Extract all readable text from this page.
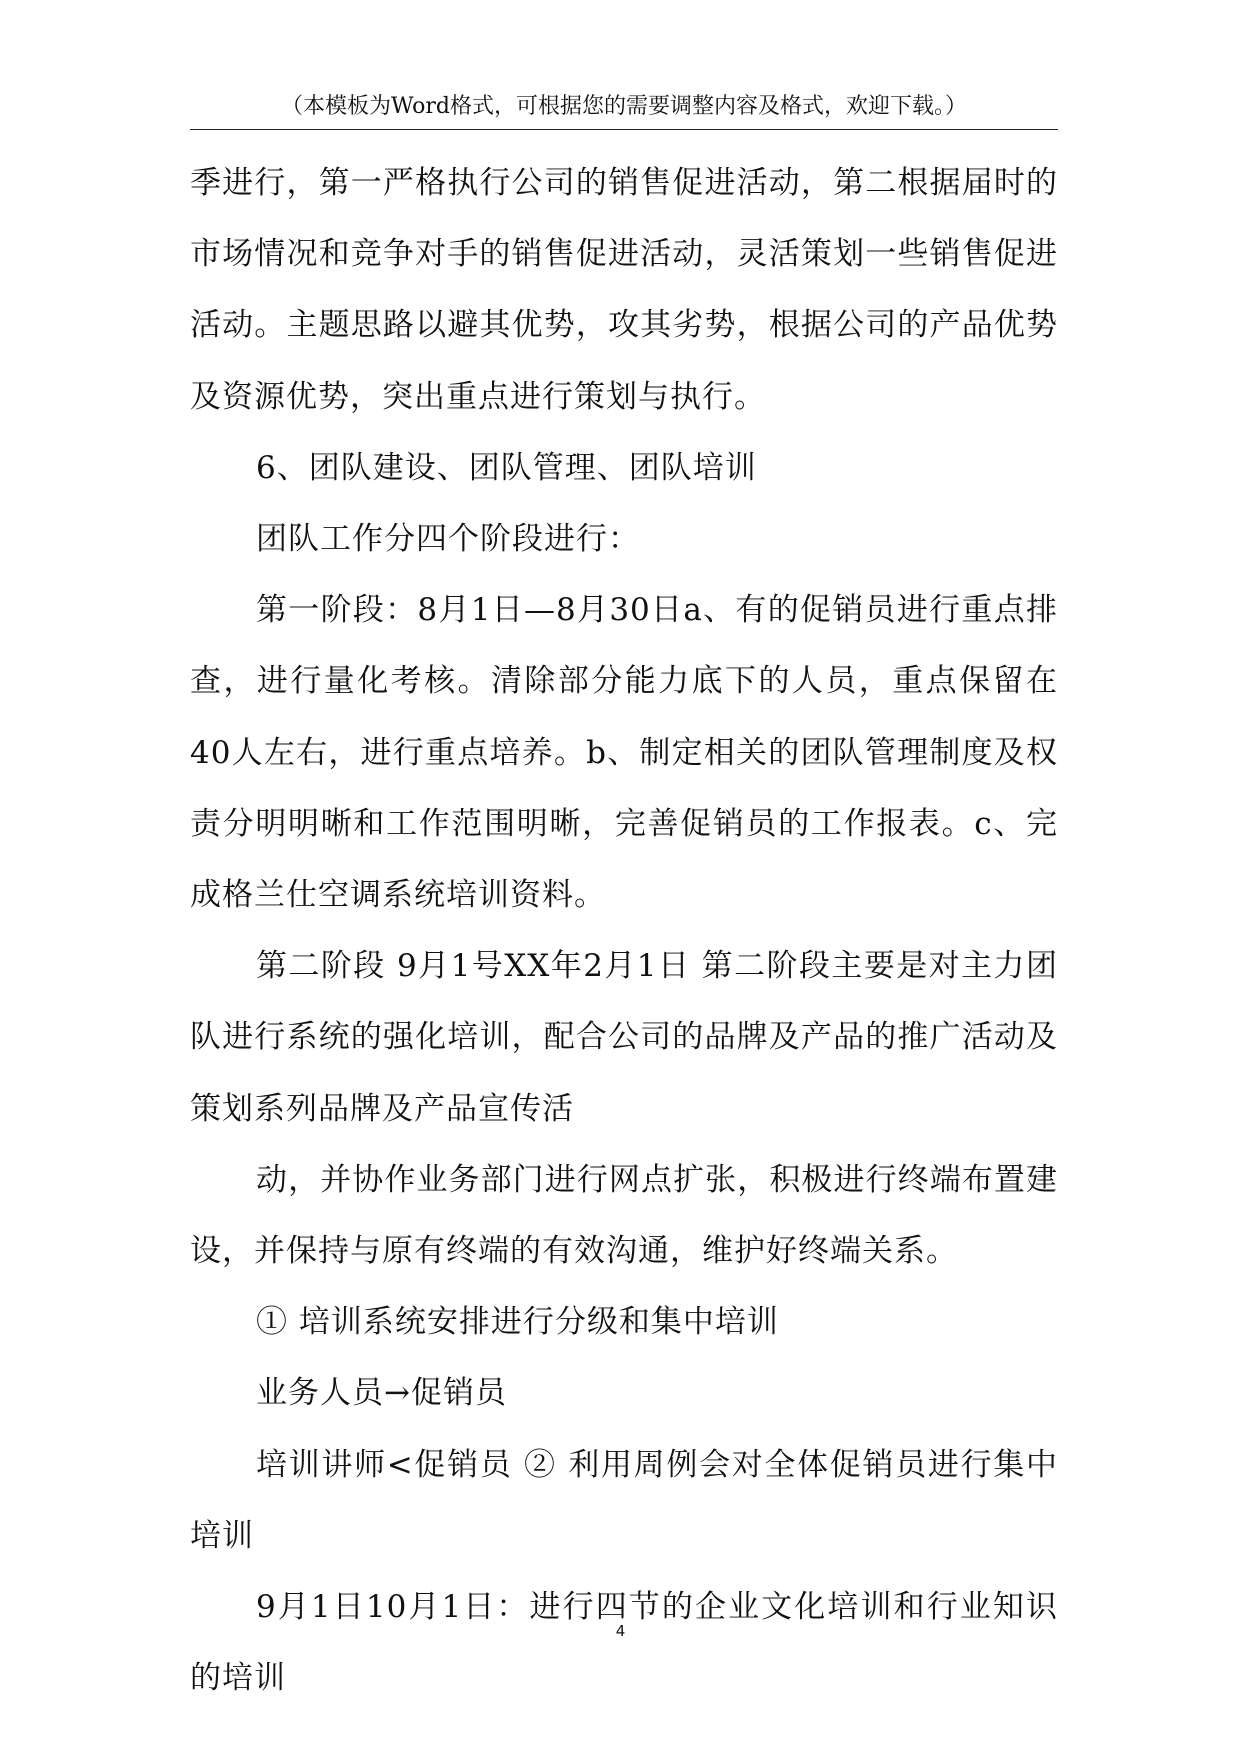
（本模板为Word格式，可根据您的需要调整内容及格式，欢迎下载。）

季进行，第一严格执行公司的销售促进活动，第二根据届时的市场情况和竞争对手的销售促进活动，灵活策划一些销售促进活动。主题思路以避其优势，攻其劣势，根据公司的产品优势及资源优势，突出重点进行策划与执行。

6、团队建设、团队管理、团队培训

团队工作分四个阶段进行：

第一阶段：8月1日—8月30日a、有的促销员进行重点排查，进行量化考核。清除部分能力底下的人员，重点保留在40人左右，进行重点培养。b、制定相关的团队管理制度及权责分明明晰和工作范围明晰，完善促销员的工作报表。c、完成格兰仕空调系统培训资料。

第二阶段 9月1号XX年2月1日 第二阶段主要是对主力团队进行系统的强化培训，配合公司的品牌及产品的推广活动及策划系列品牌及产品宣传活

动，并协作业务部门进行网点扩张，积极进行终端布置建设，并保持与原有终端的有效沟通，维护好终端关系。

① 培训系统安排进行分级和集中培训

业务人员→促销员

培训讲师<促销员 ② 利用周例会对全体促销员进行集中培训

9月1日10月1日：进行四节的企业文化培训和行业知识的培训

4
